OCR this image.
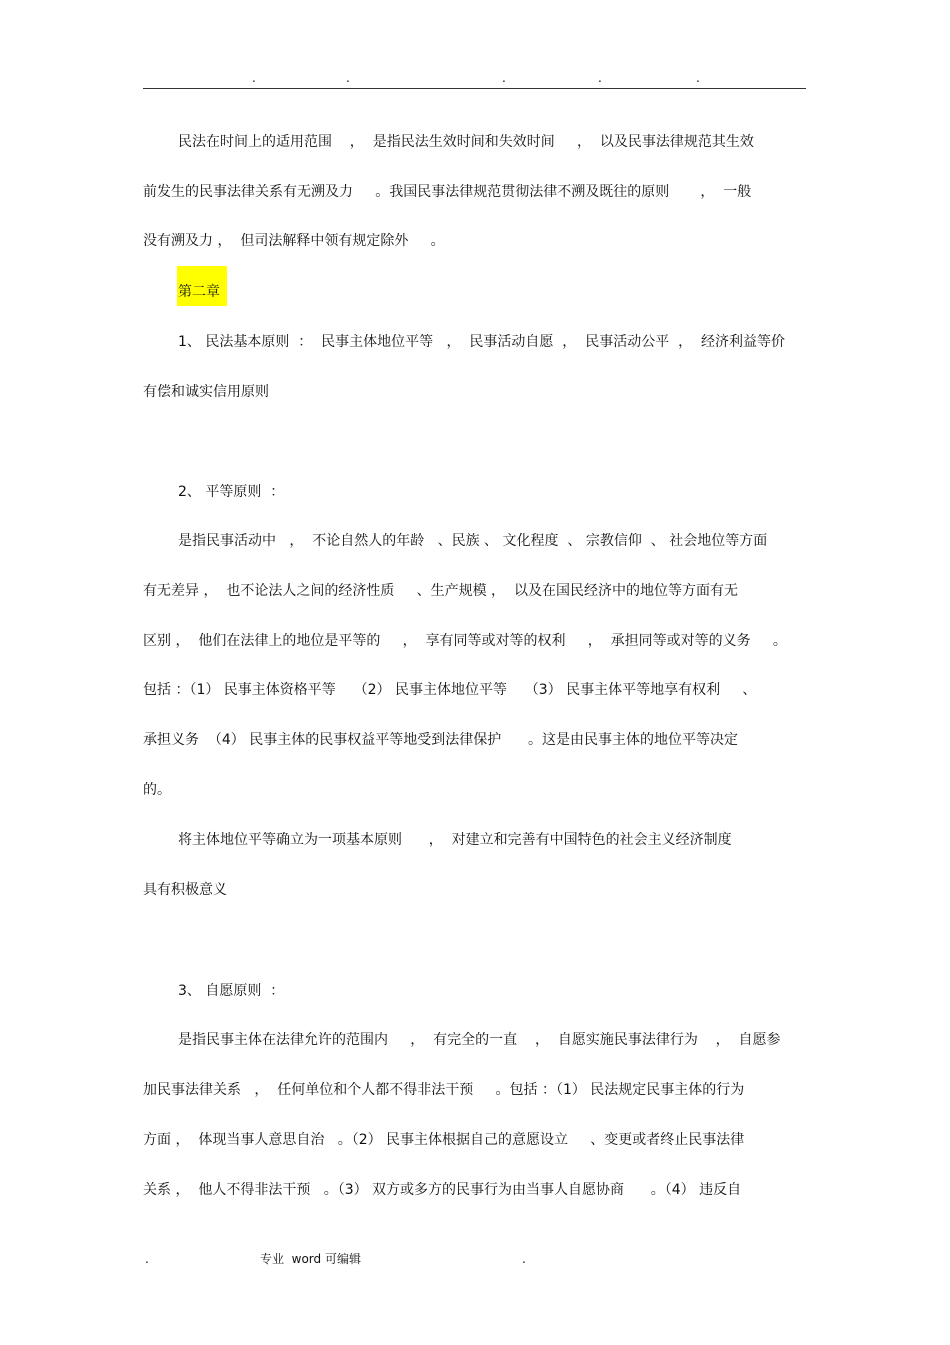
.	.	.	.	.
民法在时间上的适用范围    ，  是指民法生效时间和失效时间     ，  以及民事法律规范其生效
前发生的民事法律关系有无溯及力     。我国民事法律规范贯彻法律不溯及既往的原则       ，  一般
没有溯及力 ，  但司法解释中领有规定除外     。
第二章
1、 民法基本原则  ：  民事主体地位平等   ，  民事活动自愿  ，  民事活动公平  ，  经济利益等价
有偿和诚实信用原则
2、 平等原则  ：
是指民事活动中   ，  不论自然人的年龄   、民族 、 文化程度  、 宗教信仰  、 社会地位等方面
有无差异 ，  也不论法人之间的经济性质     、生产规模 ，  以及在国民经济中的地位等方面有无
区别 ，  他们在法律上的地位是平等的     ，  享有同等或对等的权利     ，  承担同等或对等的义务     。
包括 ：（1） 民事主体资格平等    （2） 民事主体地位平等    （3） 民事主体平等地享有权利     、
承担义务  （4） 民事主体的民事权益平等地受到法律保护      。这是由民事主体的地位平等决定
的。
将主体地位平等确立为一项基本原则      ，  对建立和完善有中国特色的社会主义经济制度
具有积极意义
3、 自愿原则  ：
是指民事主体在法律允许的范围内     ，  有完全的一直    ，  自愿实施民事法律行为    ，  自愿参
加民事法律关系   ，  任何单位和个人都不得非法干预     。包括 ：（1） 民法规定民事主体的行为
方面 ，  体现当事人意思自治   。（2） 民事主体根据自己的意愿设立     、变更或者终止民事法律
关系 ，  他人不得非法干预   。（3） 双方或多方的民事行为由当事人自愿协商      。（4） 违反自
.	专业  word 可编辑	.
